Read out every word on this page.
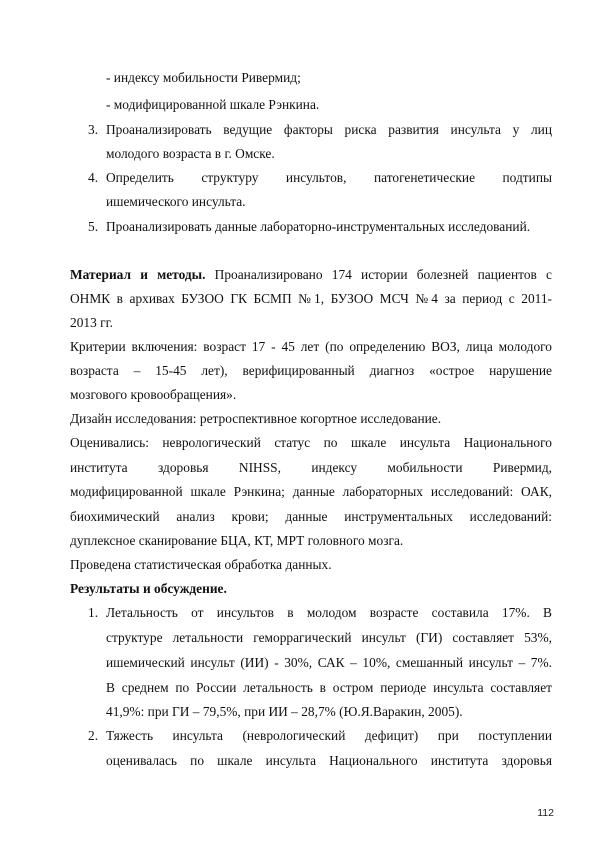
- индексу мобильности Ривермид;
- модифицированной шкале Рэнкина.
3. Проанализировать ведущие факторы риска развития инсульта у лиц
молодого возраста в г. Омске.
4. Определить структуру инсультов, патогенетические подтипы
ишемического инсульта.
5. Проанализировать данные лабораторно-инструментальных исследований.
Материал и методы. Проанализировано 174 истории болезней пациентов с
ОНМК в архивах БУЗОО ГК БСМП №1, БУЗОО МСЧ №4 за период с 2011-
2013 гг.
Критерии включения: возраст 17 - 45 лет (по определению ВОЗ, лица молодого
возраста – 15-45 лет), верифицированный диагноз «острое нарушение
мозгового кровообращения».
Дизайн исследования: ретроспективное когортное исследование.
Оценивались: неврологический статус по шкале инсульта Национального
института здоровья NIHSS, индексу мобильности Ривермид,
модифицированной шкале Рэнкина; данные лабораторных исследований: ОАК,
биохимический анализ крови; данные инструментальных исследований:
дуплексное сканирование БЦА, КТ, МРТ головного мозга.
Проведена статистическая обработка данных.
Результаты и обсуждение.
1. Летальность от инсультов в молодом возрасте составила 17%. В
структуре летальности геморрагический инсульт (ГИ) составляет 53%,
ишемический инсульт (ИИ) - 30%, САК – 10%, смешанный инсульт – 7%.
В среднем по России летальность в остром периоде инсульта составляет
41,9%: при ГИ – 79,5%, при ИИ – 28,7% (Ю.Я.Варакин, 2005).
2. Тяжесть инсульта (неврологический дефицит) при поступлении
оценивалась по шкале инсульта Национального института здоровья
112
